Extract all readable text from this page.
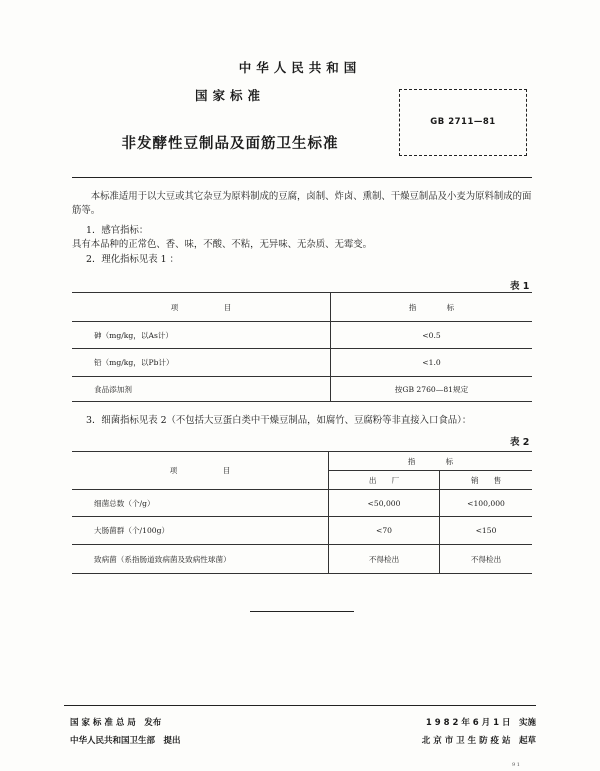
中华人民共和国
国家标准
GB 2711—81
非发酵性豆制品及面筋卫生标准
本标准适用于以大豆或其它杂豆为原料制成的豆腐，卤制、炸卤、熏制、干燥豆制品及小麦为原料制成的面筋等。
1．感官指标：
具有本品种的正常色、香、味，不酸、不粘，无异味、无杂质、无霉变。
2．理化指标见表 1 ：
表 1
项　　　　　　目	指　　　　标
砷（mg/kg，以As计）	<0.5
铅（mg/kg，以Pb计）	<1.0
食品添加剂	按GB 2760—81规定
3．细菌指标见表 2（不包括大豆蛋白类中干燥豆制品，如腐竹、豆腐粉等非直接入口食品）：
表 2
项　　　　　　目	指　　　　标	
	出　　厂	销　　售
细菌总数（个/g）	<50,000	<100,000
大肠菌群（个/100g）	<70	<150
致病菌（系指肠道致病菌及致病性球菌）	不得检出	不得检出
国 家 标 准 总 局　发布
中华人民共和国卫生部　提出
1 9 8 2 年 6 月 1 日　实施
北 京 市 卫 生 防 疫 站　起草
9 1
